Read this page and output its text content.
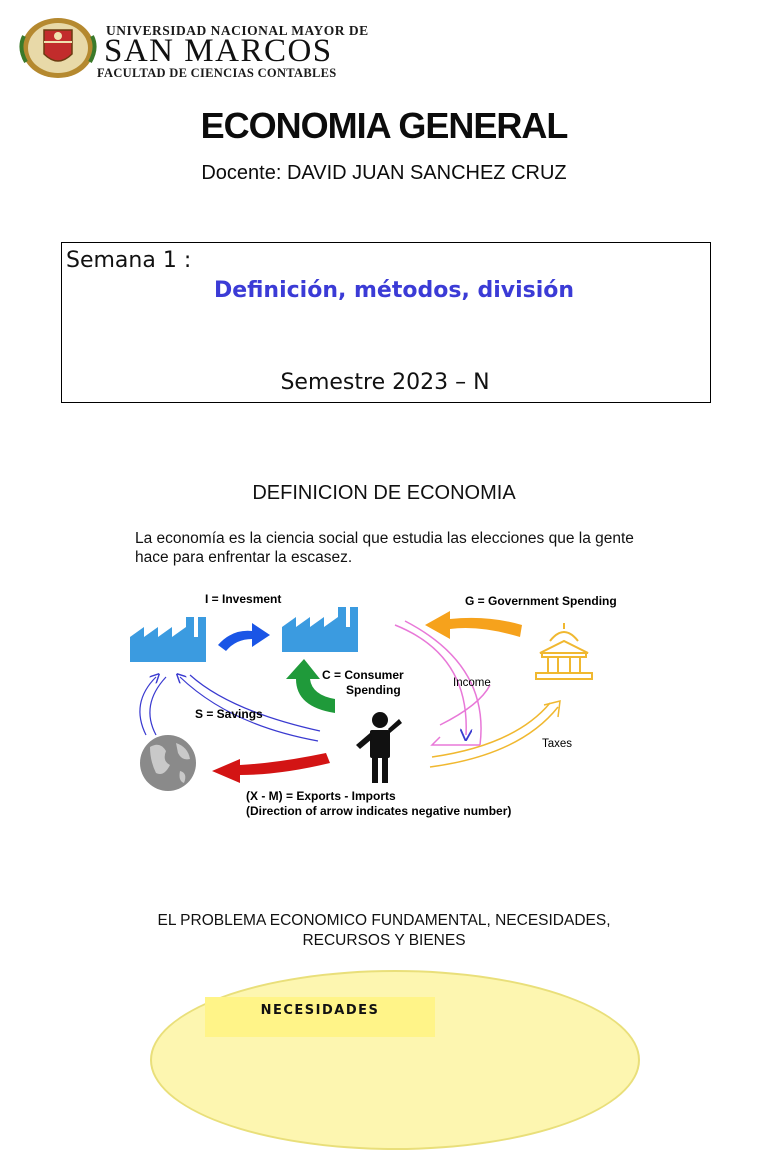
UNIVERSIDAD NACIONAL MAYOR DE
SAN MARCOS
FACULTAD DE CIENCIAS CONTABLES
ECONOMIA GENERAL
Docente: DAVID JUAN SANCHEZ CRUZ
Semana 1 :
Definición, métodos, división
Semestre 2023 – N
DEFINICION DE ECONOMIA
La economía es la ciencia social que estudia las elecciones que la gente hace para enfrentar la escasez.
I = Invesment	G = Government Spending
C = Consumer
Spending	Income
Taxes
S = Savings
(X - M) = Exports - Imports
(Direction of arrow indicates negative number)
EL PROBLEMA ECONOMICO FUNDAMENTAL, NECESIDADES,
RECURSOS Y BIENES
NECESIDADES
